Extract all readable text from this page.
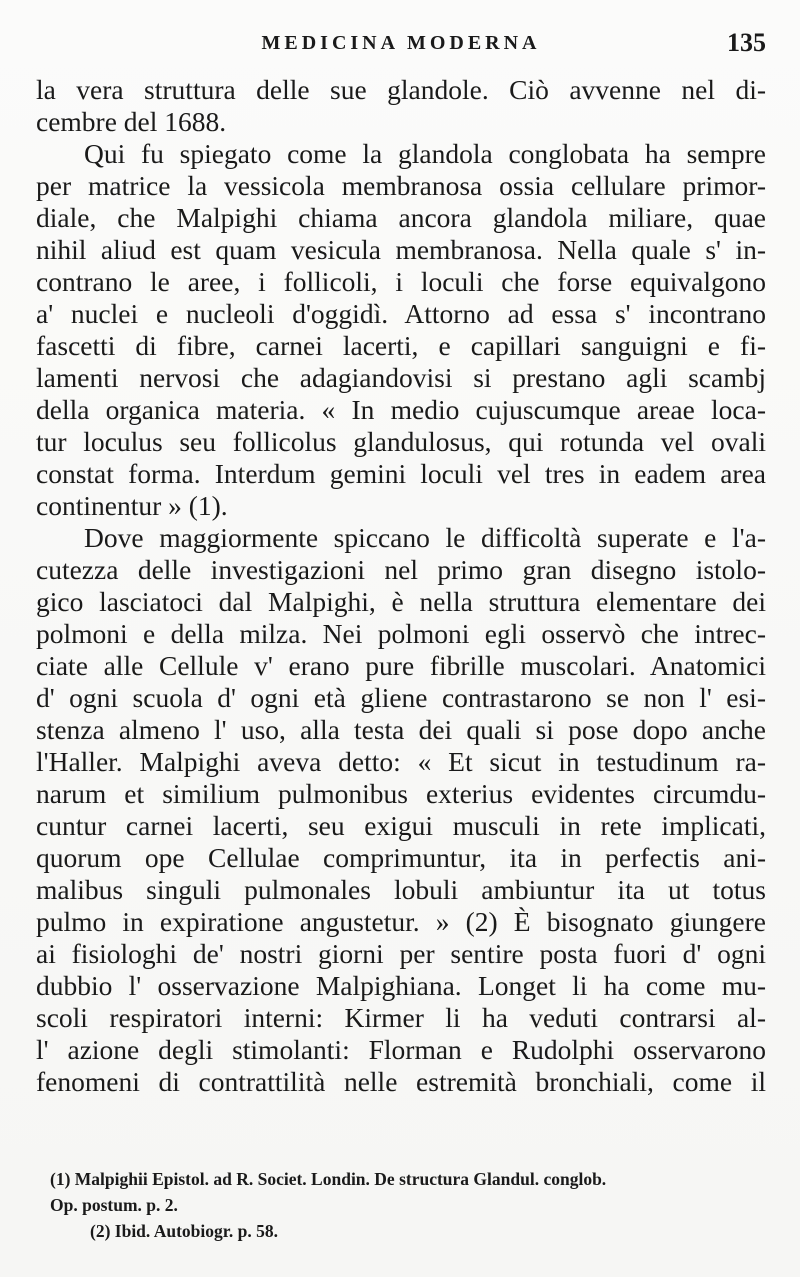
MEDICINA MODERNA	135
la vera struttura delle sue glandole. Ciò avvenne nel di-
cembre del 1688.
Qui fu spiegato come la glandola conglobata ha sempre
per matrice la vessicola membranosa ossia cellulare primor-
diale, che Malpighi chiama ancora glandola miliare, quae
nihil aliud est quam vesicula membranosa. Nella quale s' in-
contrano le aree, i follicoli, i loculi che forse equivalgono
a' nuclei e nucleoli d'oggidì. Attorno ad essa s' incontrano
fascetti di fibre, carnei lacerti, e capillari sanguigni e fi-
lamenti nervosi che adagiandovisi si prestano agli scambj
della organica materia. « In medio cujuscumque areae loca-
tur loculus seu follicolus glandulosus, qui rotunda vel ovali
constat forma. Interdum gemini loculi vel tres in eadem area
continentur » (1).
Dove maggiormente spiccano le difficoltà superate e l'a-
cutezza delle investigazioni nel primo gran disegno istolo-
gico lasciatoci dal Malpighi, è nella struttura elementare dei
polmoni e della milza. Nei polmoni egli osservò che intrec-
ciate alle Cellule v' erano pure fibrille muscolari. Anatomici
d' ogni scuola d' ogni età gliene contrastarono se non l' esi-
stenza almeno l' uso, alla testa dei quali si pose dopo anche
l'Haller. Malpighi aveva detto: « Et sicut in testudinum ra-
narum et similium pulmonibus exterius evidentes circumdu-
cuntur carnei lacerti, seu exigui musculi in rete implicati,
quorum ope Cellulae comprimuntur, ita in perfectis ani-
malibus singuli pulmonales lobuli ambiuntur ita ut totus
pulmo in expiratione angustetur. » (2) È bisognato giungere
ai fisiologhi de' nostri giorni per sentire posta fuori d' ogni
dubbio l' osservazione Malpighiana. Longet li ha come mu-
scoli respiratori interni: Kirmer li ha veduti contrarsi al-
l' azione degli stimolanti: Florman e Rudolphi osservarono
fenomeni di contrattilità nelle estremità bronchiali, come il
(1) Malpighii Epistol. ad R. Societ. Londin. De structura Glandul. conglob.
Op. postum. p. 2.
(2) Ibid. Autobiogr. p. 58.
